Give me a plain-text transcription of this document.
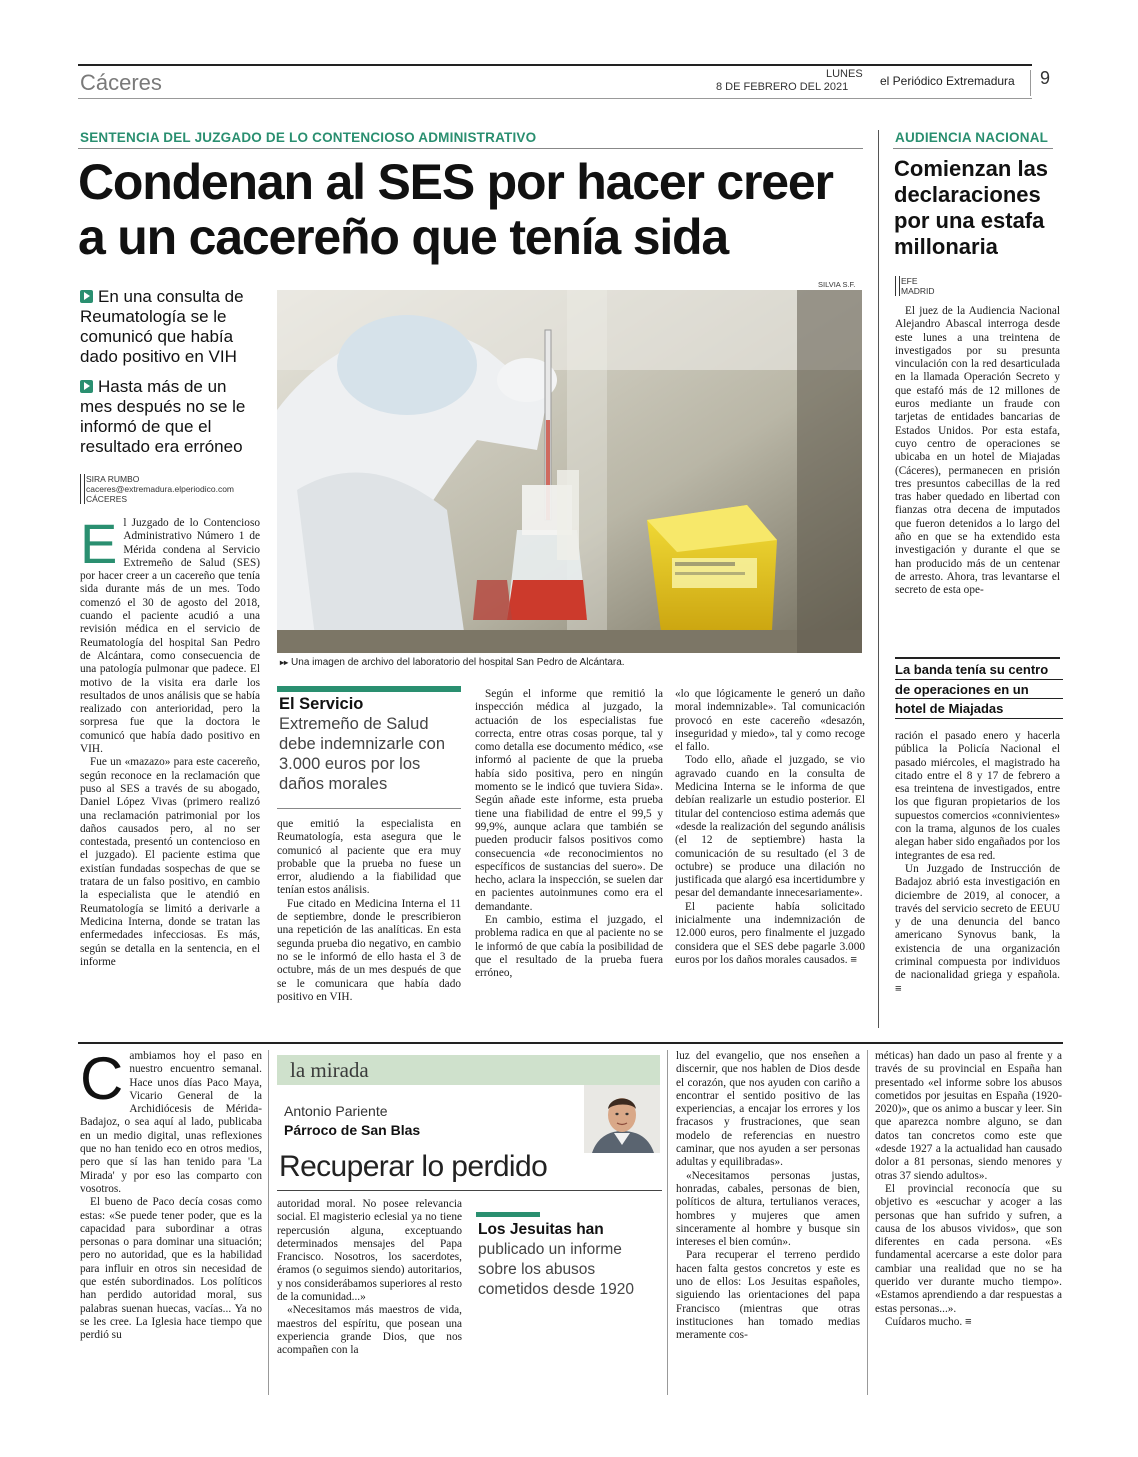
Cáceres	LUNES
8 DE FEBRERO DEL 2021	el Periódico Extremadura 9
SENTENCIA DEL JUZGADO DE LO CONTENCIOSO ADMINISTRATIVO
Condenan al SES por hacer creer
a un cacereño que tenía sida
En una consulta de Reumatología se le comunicó que había dado positivo en VIH
Hasta más de un mes después no se le informó de que el resultado era erróneo
SIRA RUMBO
caceres@extremadura.elperiodico.com
CÁCERES
E l Juzgado de lo Contencioso Administrativo Número 1 de Mérida condena al Servicio Extremeño de Salud (SES) por hacer creer a un cacereño que tenía sida durante más de un mes. Todo comenzó el 30 de agosto del 2018, cuando el paciente acudió a una revisión médica en el servicio de Reumatología del hospital San Pedro de Alcántara, como consecuencia de una patología pulmonar que padece. El motivo de la visita era darle los resultados de unos análisis que se había realizado con anterioridad, pero la sorpresa fue que la doctora le comunicó que había dado positivo en VIH.

Fue un «mazazo» para este cacereño, según reconoce en la reclamación que puso al SES a través de su abogado, Daniel López Vivas (primero realizó una reclamación patrimonial por los daños causados pero, al no ser contestada, presentó un contencioso en el juzgado). El paciente estima que existían fundadas sospechas de que se tratara de un falso positivo, en cambio la especialista que le atendió en Reumatología se limitó a derivarle a Medicina Interna, donde se tratan las enfermedades infecciosas. Es más, según se detalla en la sentencia, en el informe

SILVIA S.F.
▸▸ Una imagen de archivo del laboratorio del hospital San Pedro de Alcántara.
El Servicio
Extremeño de Salud debe indemnizarle con 3.000 euros por los daños morales

que emitió la especialista en Reumatología, esta asegura que le comunicó al paciente que era muy probable que la prueba no fuese un error, aludiendo a la fiabilidad que tenían estos análisis.

Fue citado en Medicina Interna el 11 de septiembre, donde le prescribieron una repetición de las analíticas. En esta segunda prueba dio negativo, en cambio no se le informó de ello hasta el 3 de octubre, más de un mes después de que se le comunicara que había dado positivo en VIH.

Según el informe que remitió la inspección médica al juzgado, la actuación de los especialistas fue correcta, entre otras cosas porque, tal y como detalla ese documento médico, «se informó al paciente de que la prueba había sido positiva, pero en ningún momento se le indicó que tuviera Sida». Según añade este informe, esta prueba tiene una fiabilidad de entre el 99,5 y 99,9%, aunque aclara que también se pueden producir falsos positivos como consecuencia «de reconocimientos no específicos de sustancias del suero». De hecho, aclara la inspección, se suelen dar en pacientes autoinmunes como era el demandante.

En cambio, estima el juzgado, el problema radica en que al paciente no se le informó de que cabía la posibilidad de que el resultado de la prueba fuera erróneo,

«lo que lógicamente le generó un daño moral indemnizable». Tal comunicación provocó en este cacereño «desazón, inseguridad y miedo», tal y como recoge el fallo.

Todo ello, añade el juzgado, se vio agravado cuando en la consulta de Medicina Interna se le informa de que debían realizarle un estudio posterior. El titular del contencioso estima además que «desde la realización del segundo análisis (el 12 de septiembre) hasta la comunicación de su resultado (el 3 de octubre) se produce una dilación no justificada que alargó esa incertidumbre y pesar del demandante innecesariamente».

El paciente había solicitado inicialmente una indemnización de 12.000 euros, pero finalmente el juzgado considera que el SES debe pagarle 3.000 euros por los daños morales causados. ≡

AUDIENCIA NACIONAL
Comienzan las declaraciones por una estafa millonaria
EFE
MADRID

El juez de la Audiencia Nacional Alejandro Abascal interroga desde este lunes a una treintena de investigados por su presunta vinculación con la red desarticulada en la llamada Operación Secreto y que estafó más de 12 millones de euros mediante un fraude con tarjetas de entidades bancarias de Estados Unidos. Por esta estafa, cuyo centro de operaciones se ubicaba en un hotel de Miajadas (Cáceres), permanecen en prisión tres presuntos cabecillas de la red tras haber quedado en libertad con fianzas otra decena de imputados que fueron detenidos a lo largo del año en que se ha extendido esta investigación y durante el que se han producido más de un centenar de arresto. Ahora, tras levantarse el secreto de esta ope-

La banda tenía su centro
de operaciones en un
hotel de Miajadas

ración el pasado enero y hacerla pública la Policía Nacional el pasado miércoles, el magistrado ha citado entre el 8 y 17 de febrero a esa treintena de investigados, entre los que figuran propietarios de los supuestos comercios «connivientes» con la trama, algunos de los cuales alegan haber sido engañados por los integrantes de esa red.

Un Juzgado de Instrucción de Badajoz abrió esta investigación en diciembre de 2019, al conocer, a través del servicio secreto de EEUU y de una denuncia del banco americano Synovus bank, la existencia de una organización criminal compuesta por individuos de nacionalidad griega y española. ≡

C ambiamos hoy el paso en nuestro encuentro semanal. Hace unos días Paco Maya, Vicario General de la Archidiócesis de Mérida-Badajoz, o sea aquí al lado, publicaba en un medio digital, unas reflexiones que no han tenido eco en otros medios, pero que sí las han tenido para 'La Mirada' y por eso las comparto con vosotros.

El bueno de Paco decía cosas como estas: «Se puede tener poder, que es la capacidad para subordinar a otras personas o para dominar una situación; pero no autoridad, que es la habilidad para influir en otros sin necesidad de que estén subordinados. Los políticos han perdido autoridad moral, sus palabras suenan huecas, vacías... Ya no se les cree. La Iglesia hace tiempo que perdió su

la mirada
Antonio Pariente
Párroco de San Blas
Recuperar lo perdido

autoridad moral. No posee relevancia social. El magisterio eclesial ya no tiene repercusión alguna, exceptuando determinados mensajes del Papa Francisco. Nosotros, los sacerdotes, éramos (o seguimos siendo) autoritarios, y nos considerábamos superiores al resto de la comunidad...»

«Necesitamos más maestros de vida, maestros del espíritu, que posean una experiencia grande Dios, que nos acompañen con la

Los Jesuitas han
publicado un informe sobre los abusos cometidos desde 1920

luz del evangelio, que nos enseñen a discernir, que nos hablen de Dios desde el corazón, que nos ayuden con cariño a encontrar el sentido positivo de las experiencias, a encajar los errores y los fracasos y frustraciones, que sean modelo de referencias en nuestro caminar, que nos ayuden a ser personas adultas y equilibradas».

«Necesitamos personas justas, honradas, cabales, personas de bien, políticos de altura, tertulianos veraces, hombres y mujeres que amen sinceramente al hombre y busque sin intereses el bien común».

Para recuperar el terreno perdido hacen falta gestos concretos y este es uno de ellos: Los Jesuitas españoles, siguiendo las orientaciones del papa Francisco (mientras que otras instituciones han tomado medias meramente cos-

méticas) han dado un paso al frente y a través de su provincial en España han presentado «el informe sobre los abusos cometidos por jesuitas en España (1920-2020)», que os animo a buscar y leer. Sin que aparezca nombre alguno, se dan datos tan concretos como este que «desde 1927 a la actualidad han causado dolor a 81 personas, siendo menores y otras 37 siendo adultos».

El provincial reconocía que su objetivo es «escuchar y acoger a las personas que han sufrido y sufren, a causa de los abusos vividos», que son diferentes en cada persona. «Es fundamental acercarse a este dolor para cambiar una realidad que no se ha querido ver durante mucho tiempo». «Estamos aprendiendo a dar respuestas a estas personas...».

Cuídaros mucho. ≡
